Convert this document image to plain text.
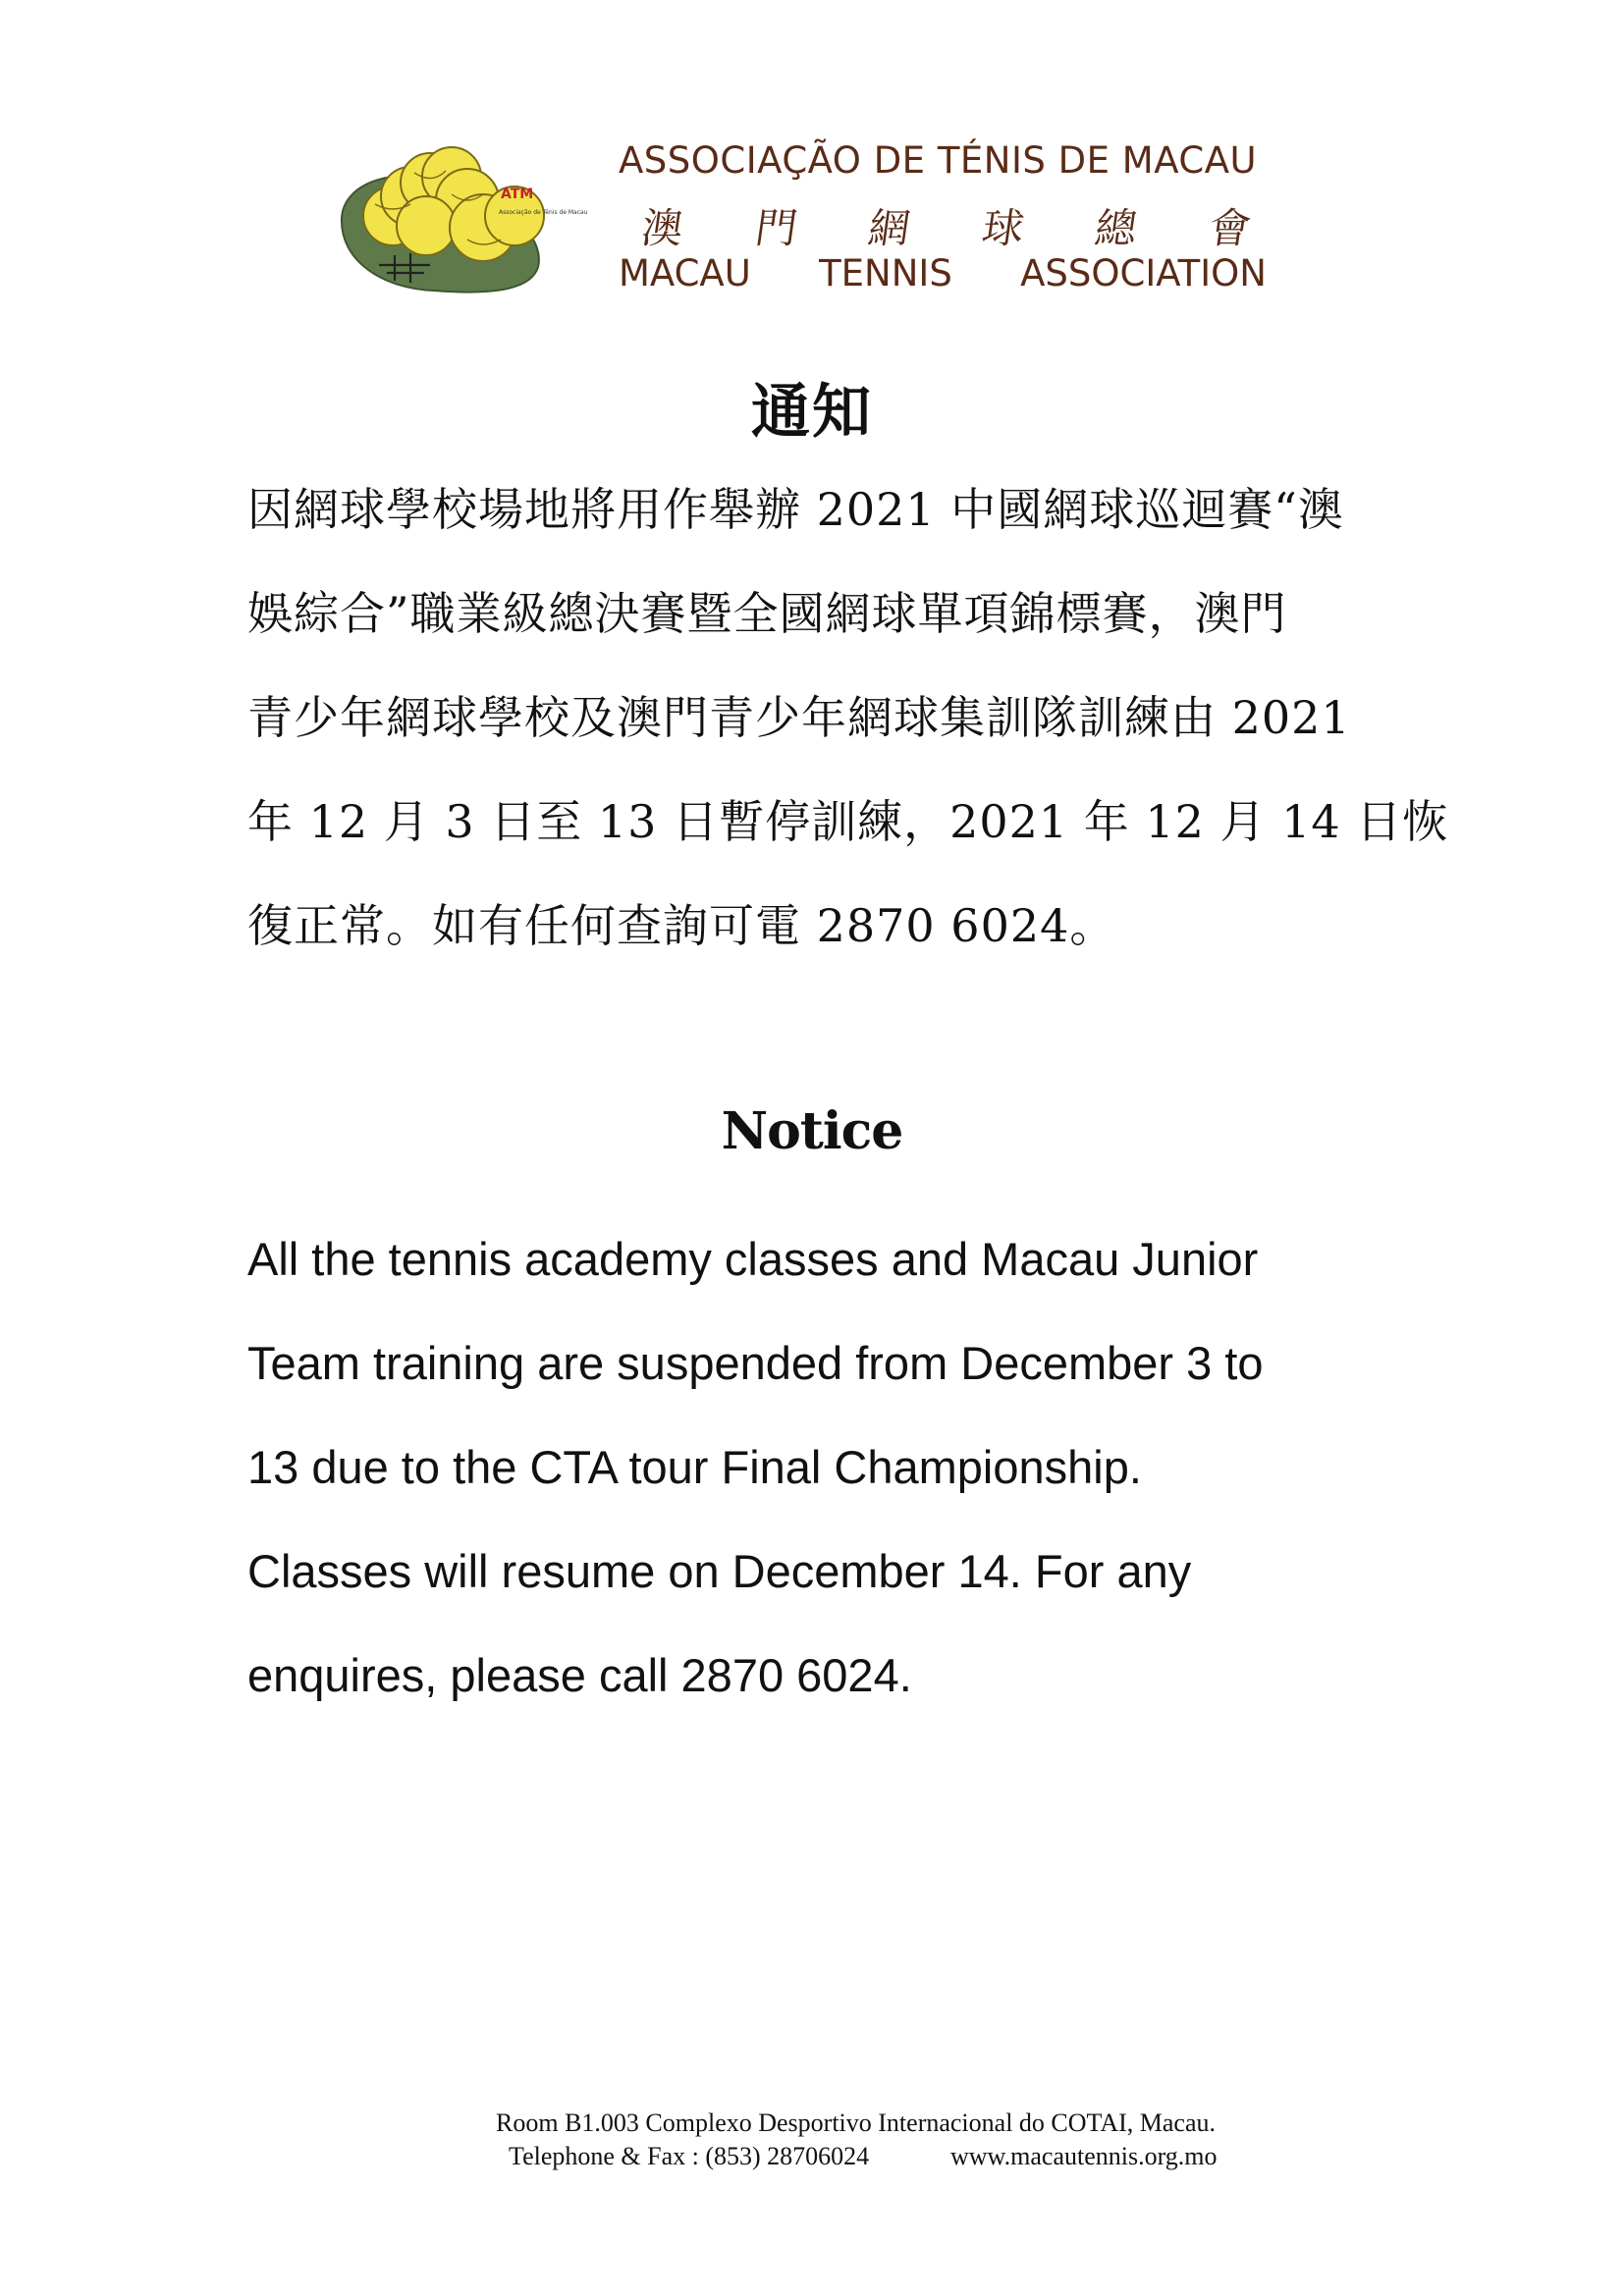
ATM
Associação de Ténis de Macau

ASSOCIAÇÃO DE TÉNIS DE MACAU

澳 門 網 球 總 會
MACAU TENNIS ASSOCIATION
通知

因網球學校場地將用作舉辦 2021 中國網球巡迴賽“澳
娛綜合”職業級總決賽暨全國網球單項錦標賽，澳門
青少年網球學校及澳門青少年網球集訓隊訓練由 2021
年 12 月 3 日至 13 日暫停訓練，2021 年 12 月 14 日恢
復正常。如有任何查詢可電 2870 6024。

Notice

All the tennis academy classes and Macau Junior
Team training are suspended from December 3 to
13 due to the CTA tour Final Championship.
Classes will resume on December 14. For any
enquires, please call 2870 6024.

Room B1.003 Complexo Desportivo Internacional do COTAI, Macau.

Telephone & Fax : (853) 28706024	www.macautennis.org.mo
